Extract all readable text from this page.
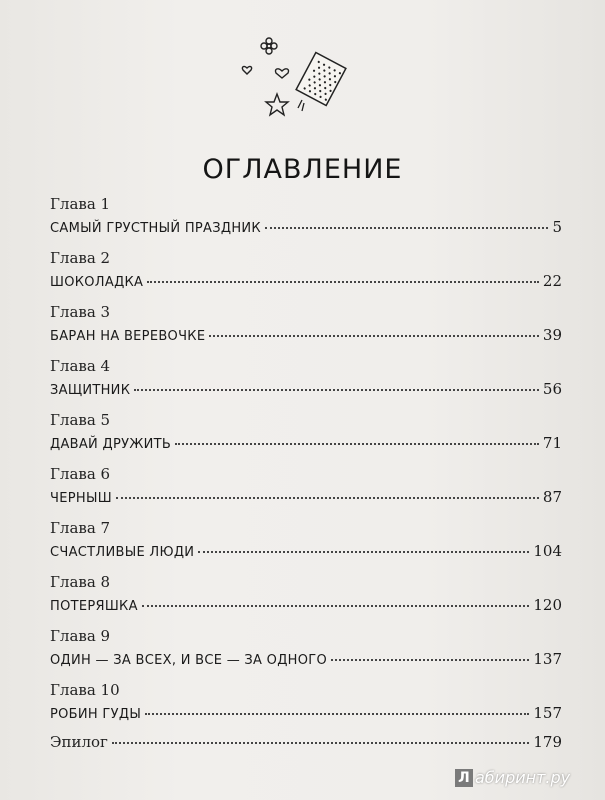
ОГЛАВЛЕНИЕ
Глава 1
САМЫЙ ГРУСТНЫЙ ПРАЗДНИК	5
Глава 2
ШОКОЛАДКА	22
Глава 3
БАРАН НА ВЕРЕВОЧКЕ	39
Глава 4
ЗАЩИТНИК	56
Глава 5
ДАВАЙ ДРУЖИТЬ	71
Глава 6
ЧЕРНЫШ	87
Глава 7
СЧАСТЛИВЫЕ ЛЮДИ	104
Глава 8
ПОТЕРЯШКА	120
Глава 9
ОДИН — ЗА ВСЕХ, И ВСЕ — ЗА ОДНОГО	137
Глава 10
РОБИН ГУДЫ	157
Эпилог	179
Л абиринт.ру
